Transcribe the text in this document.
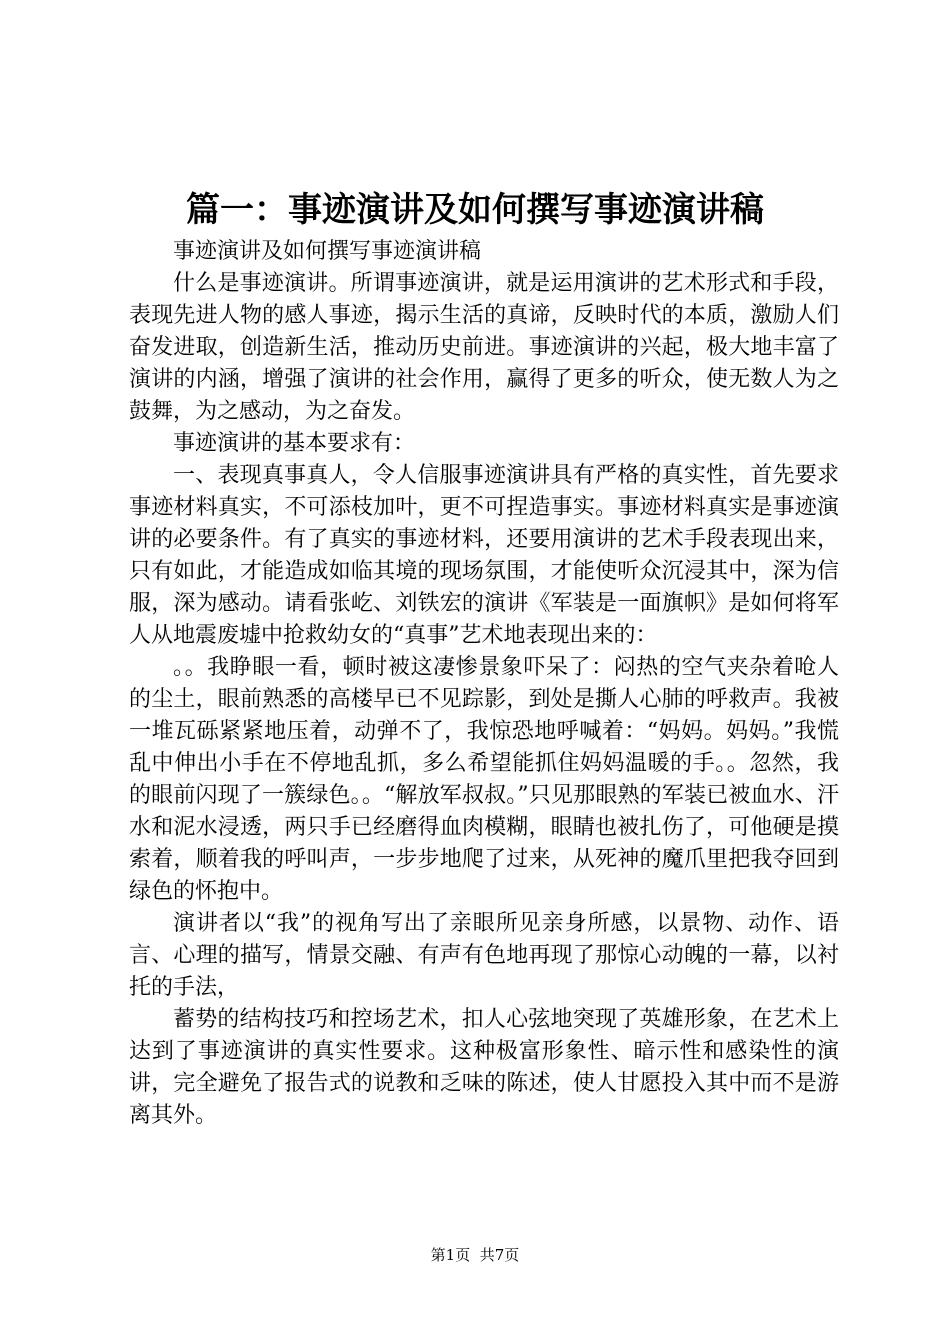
篇一：事迹演讲及如何撰写事迹演讲稿

事迹演讲及如何撰写事迹演讲稿

什么是事迹演讲。所谓事迹演讲，就是运用演讲的艺术形式和手段，表现先进人物的感人事迹，揭示生活的真谛，反映时代的本质，激励人们奋发进取，创造新生活，推动历史前进。事迹演讲的兴起，极大地丰富了演讲的内涵，增强了演讲的社会作用，赢得了更多的听众，使无数人为之鼓舞，为之感动，为之奋发。

事迹演讲的基本要求有：

一、表现真事真人，令人信服事迹演讲具有严格的真实性，首先要求事迹材料真实，不可添枝加叶，更不可捏造事实。事迹材料真实是事迹演讲的必要条件。有了真实的事迹材料，还要用演讲的艺术手段表现出来，只有如此，才能造成如临其境的现场氛围，才能使听众沉浸其中，深为信服，深为感动。请看张屹、刘铁宏的演讲《军装是一面旗帜》是如何将军人从地震废墟中抢救幼女的“真事”艺术地表现出来的：

。。我睁眼一看，顿时被这凄惨景象吓呆了：闷热的空气夹杂着呛人的尘土，眼前熟悉的高楼早已不见踪影，到处是撕人心肺的呼救声。我被一堆瓦砾紧紧地压着，动弹不了，我惊恐地呼喊着：“妈妈。妈妈。”我慌乱中伸出小手在不停地乱抓，多么希望能抓住妈妈温暖的手。。忽然，我的眼前闪现了一簇绿色。。“解放军叔叔。”只见那眼熟的军装已被血水、汗水和泥水浸透，两只手已经磨得血肉模糊，眼睛也被扎伤了，可他硬是摸索着，顺着我的呼叫声，一步步地爬了过来，从死神的魔爪里把我夺回到绿色的怀抱中。

演讲者以“我”的视角写出了亲眼所见亲身所感，以景物、动作、语言、心理的描写，情景交融、有声有色地再现了那惊心动魄的一幕，以衬托的手法，

蓄势的结构技巧和控场艺术，扣人心弦地突现了英雄形象，在艺术上达到了事迹演讲的真实性要求。这种极富形象性、暗示性和感染性的演讲，完全避免了报告式的说教和乏味的陈述，使人甘愿投入其中而不是游离其外。

第1页 共7页
